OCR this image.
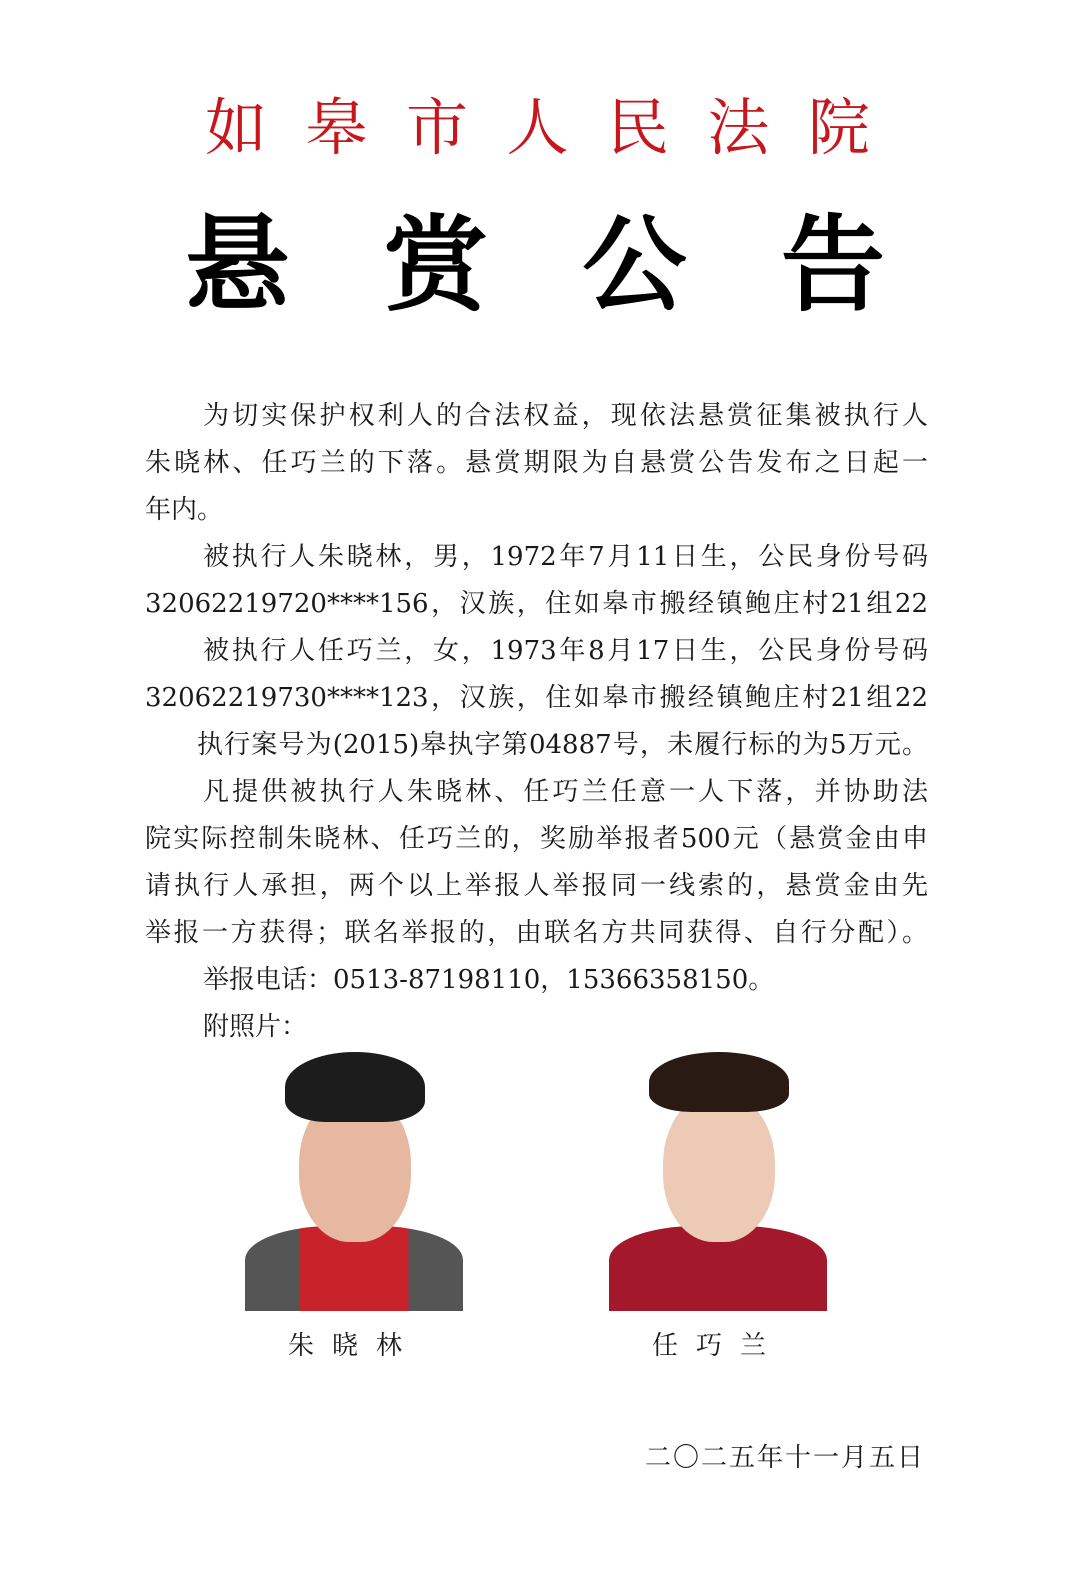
如 皋 市 人 民 法 院
悬 赏 公 告
为切实保护权利人的合法权益，现依法悬赏征集被执行人
朱晓林、任巧兰的下落。悬赏期限为自悬赏公告发布之日起一
年内。
被执行人朱晓林，男，1972年7月11日生，公民身份号码
32062219720****156，汉族，住如皋市搬经镇鲍庄村21组22
被执行人任巧兰，女，1973年8月17日生，公民身份号码
32062219730****123，汉族，住如皋市搬经镇鲍庄村21组22
执行案号为(2015)皋执字第04887号，未履行标的为5万元。
凡提供被执行人朱晓林、任巧兰任意一人下落，并协助法
院实际控制朱晓林、任巧兰的，奖励举报者500元（悬赏金由申
请执行人承担，两个以上举报人举报同一线索的，悬赏金由先
举报一方获得；联名举报的，由联名方共同获得、自行分配）。
举报电话：0513-87198110，15366358150。
附照片：
朱晓林	任巧兰
二〇二五年十一月五日
